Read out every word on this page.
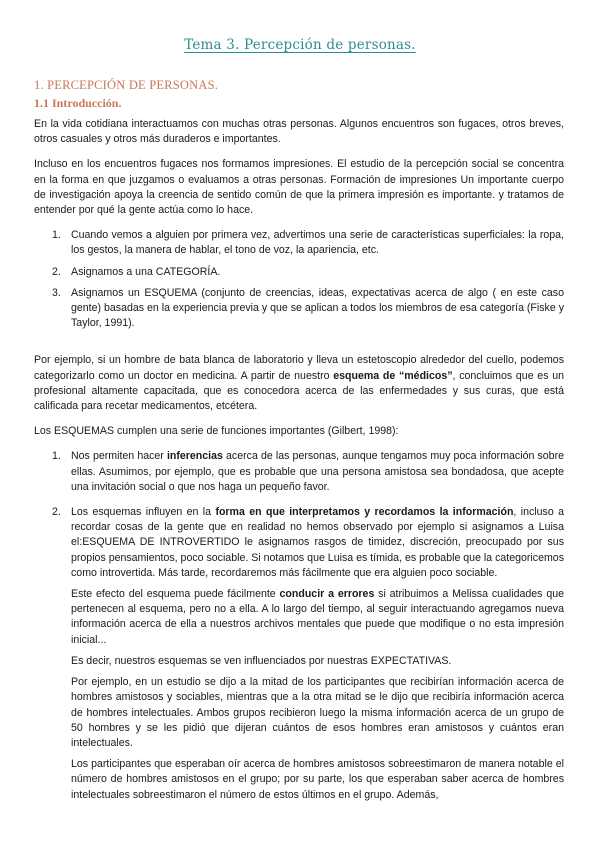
Tema 3. Percepción de personas.
1. PERCEPCIÓN DE PERSONAS.
1.1 Introducción.

En la vida cotidiana interactuamos con muchas otras personas. Algunos encuentros son fugaces, otros breves, otros casuales y otros más duraderos e importantes.

Incluso en los encuentros fugaces nos formamos impresiones. El estudio de la percepción social se concentra en la forma en que juzgamos o evaluamos a otras personas. Formación de impresiones Un importante cuerpo de investigación apoya la creencia de sentido común de que la primera impresión es importante. y tratamos de entender por qué la gente actúa como lo hace.

1. Cuando vemos a alguien por primera vez, advertimos una serie de características superficiales: la ropa, los gestos, la manera de hablar, el tono de voz, la apariencia, etc.

2. Asignamos a una CATEGORÍA.

3. Asignamos un ESQUEMA (conjunto de creencias, ideas, expectativas acerca de algo ( en este caso gente) basadas en la experiencia previa y que se aplican a todos los miembros de esa categoría (Fiske y Taylor, 1991).

Por ejemplo, si un hombre de bata blanca de laboratorio y lleva un estetoscopio alrededor del cuello, podemos categorizarlo como un doctor en medicina. A partir de nuestro esquema de “médicos”, concluimos que es un profesional altamente capacitada, que es conocedora acerca de las enfermedades y sus curas, que está calificada para recetar medicamentos, etcétera.

Los ESQUEMAS cumplen una serie de funciones importantes (Gilbert, 1998):

1. Nos permiten hacer inferencias acerca de las personas, aunque tengamos muy poca información sobre ellas. Asumimos, por ejemplo, que es probable que una persona amistosa sea bondadosa, que acepte una invitación social o que nos haga un pequeño favor.

2. Los esquemas influyen en la forma en que interpretamos y recordamos la información, incluso a recordar cosas de la gente que en realidad no hemos observado por ejemplo si asignamos a Luisa el:ESQUEMA DE INTROVERTIDO le asignamos rasgos de timidez, discreción, preocupado por sus propios pensamientos, poco sociable. Si notamos que Luisa es tímida, es probable que la categoricemos como introvertida. Más tarde, recordaremos más fácilmente que era alguien poco sociable.

Este efecto del esquema puede fácilmente conducir a errores si atribuimos a Melissa cualidades que pertenecen al esquema, pero no a ella. A lo largo del tiempo, al seguir interactuando agregamos nueva información acerca de ella a nuestros archivos mentales que puede que modifique o no esta impresión inicial...

Es decir, nuestros esquemas se ven influenciados por nuestras EXPECTATIVAS.

Por ejemplo, en un estudio se dijo a la mitad de los participantes que recibirían información acerca de hombres amistosos y sociables, mientras que a la otra mitad se le dijo que recibiría información acerca de hombres intelectuales. Ambos grupos recibieron luego la misma información acerca de un grupo de 50 hombres y se les pidió que dijeran cuántos de esos hombres eran amistosos y cuántos eran intelectuales.

Los participantes que esperaban oír acerca de hombres amistosos sobreestimaron de manera notable el número de hombres amistosos en el grupo; por su parte, los que esperaban saber acerca de hombres intelectuales sobreestimaron el número de estos últimos en el grupo. Además,
